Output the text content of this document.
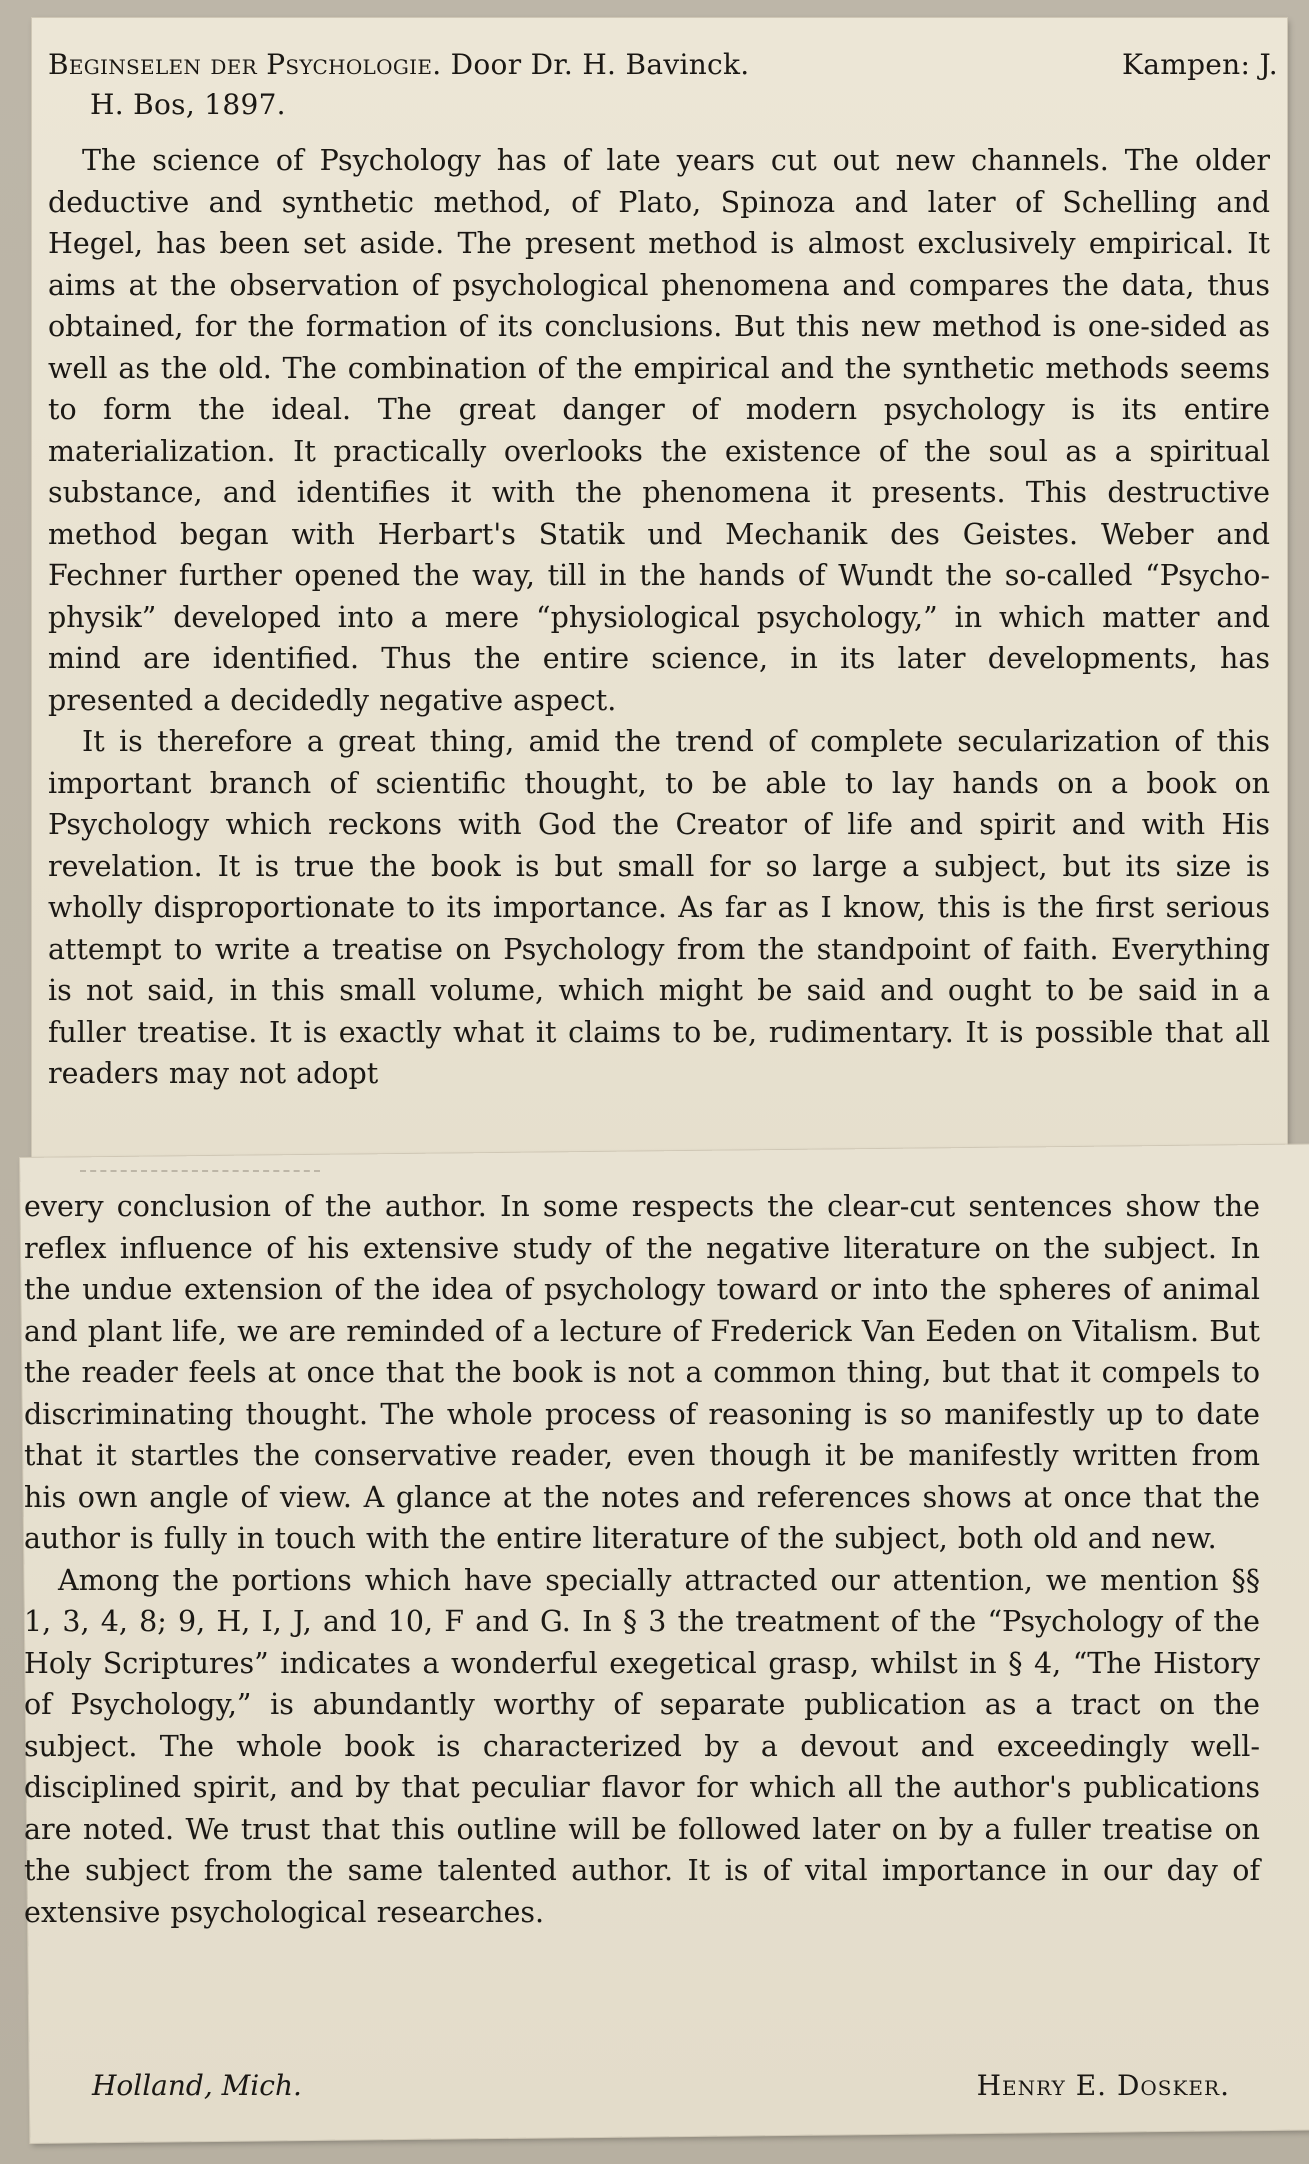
Beginselen der Psychologie. Door Dr. H. Bavinck.	Kampen: J.
H. Bos, 1897.

The science of Psychology has of late years cut out new channels. The older deductive and synthetic method, of Plato, Spinoza and later of Schelling and Hegel, has been set aside. The present method is almost exclusively empirical. It aims at the observation of psychological phenomena and compares the data, thus obtained, for the formation of its conclusions. But this new method is one-sided as well as the old. The combination of the empirical and the synthetic methods seems to form the ideal. The great danger of modern psychology is its entire materialization. It practically overlooks the existence of the soul as a spiritual substance, and identifies it with the phenomena it presents. This destructive method began with Herbart's Statik und Mechanik des Geistes. Weber and Fechner further opened the way, till in the hands of Wundt the so-called “Psycho-physik” developed into a mere “physiological psychology,” in which matter and mind are identified. Thus the entire science, in its later developments, has presented a decidedly negative aspect.

It is therefore a great thing, amid the trend of complete secularization of this important branch of scientific thought, to be able to lay hands on a book on Psychology which reckons with God the Creator of life and spirit and with His revelation. It is true the book is but small for so large a subject, but its size is wholly disproportionate to its importance. As far as I know, this is the first serious attempt to write a treatise on Psychology from the standpoint of faith. Everything is not said, in this small volume, which might be said and ought to be said in a fuller treatise. It is exactly what it claims to be, rudimentary. It is possible that all readers may not adopt

every conclusion of the author. In some respects the clear-cut sentences show the reflex influence of his extensive study of the negative literature on the subject. In the undue extension of the idea of psychology toward or into the spheres of animal and plant life, we are reminded of a lecture of Frederick Van Eeden on Vitalism. But the reader feels at once that the book is not a common thing, but that it compels to discriminating thought. The whole process of reasoning is so manifestly up to date that it startles the conservative reader, even though it be manifestly written from his own angle of view. A glance at the notes and references shows at once that the author is fully in touch with the entire literature of the subject, both old and new.

Among the portions which have specially attracted our attention, we mention §§ 1, 3, 4, 8; 9, H, I, J, and 10, F and G. In § 3 the treatment of the “Psychology of the Holy Scriptures” indicates a wonderful exegetical grasp, whilst in § 4, “The History of Psychology,” is abundantly worthy of separate publication as a tract on the subject. The whole book is characterized by a devout and exceedingly well-disciplined spirit, and by that peculiar flavor for which all the author's publications are noted. We trust that this outline will be followed later on by a fuller treatise on the subject from the same talented author. It is of vital importance in our day of extensive psychological researches.

Holland, Mich.	Henry E. Dosker.
